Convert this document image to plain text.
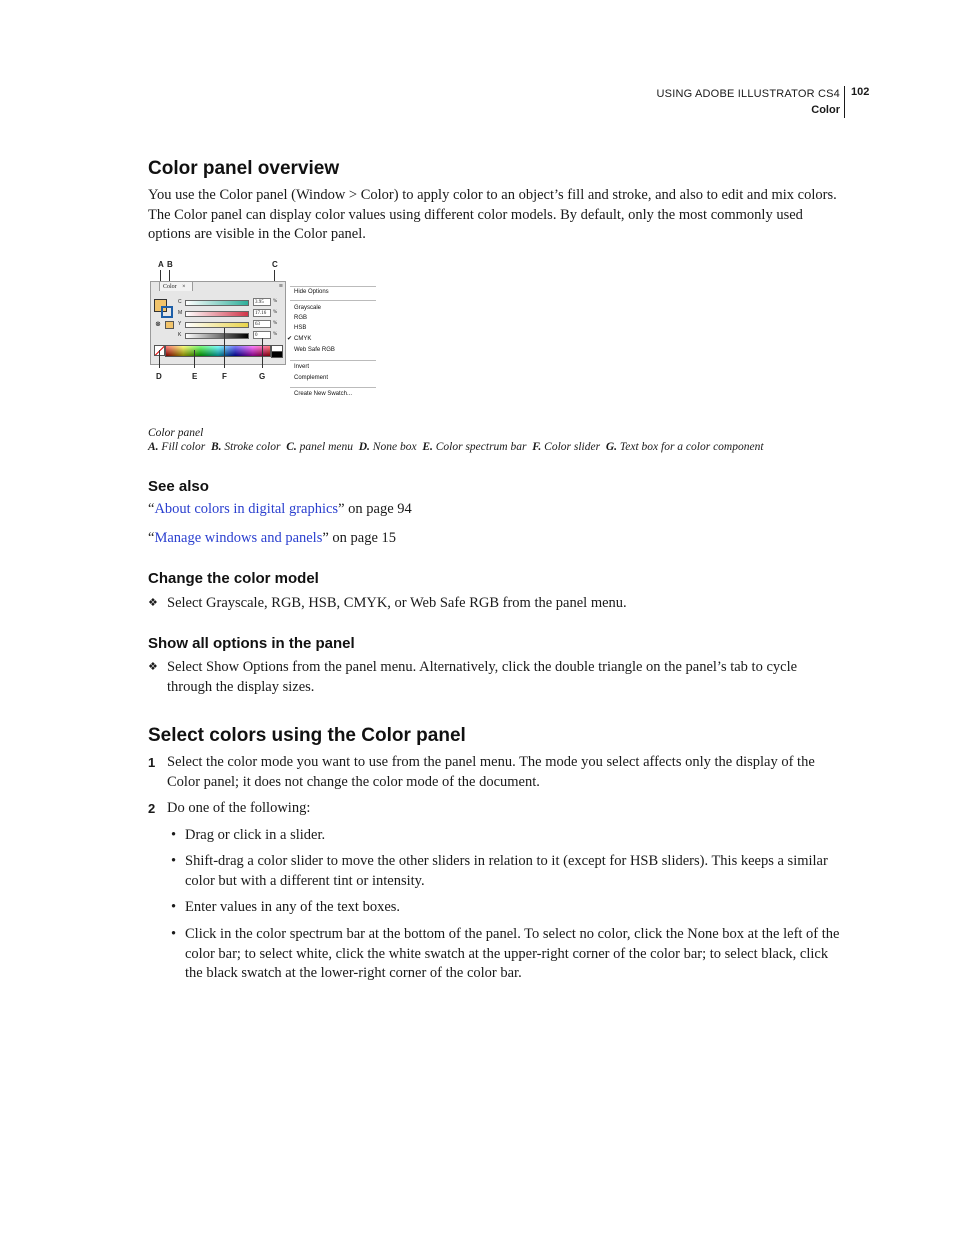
USING ADOBE ILLUSTRATOR CS4
Color
102
Color panel overview

You use the Color panel (Window > Color) to apply color to an object’s fill and stroke, and also to edit and mix colors. The Color panel can display color values using different color models. By default, only the most commonly used options are visible in the Color panel.

A B	C
Color ×	≡
⊗
C	3.95	%
M	17.16	%
Y	63	%
K	0	%
Hide Options
Grayscale
RGB
HSB
✔ CMYK
Web Safe RGB
Invert
Complement
Create New Swatch...
D	E	F	G
Color panel
A. Fill color B. Stroke color C. panel menu D. None box E. Color spectrum bar F. Color slider G. Text box for a color component
See also

“About colors in digital graphics” on page 94

“Manage windows and panels” on page 15

Change the color model
❖ Select Grayscale, RGB, HSB, CMYK, or Web Safe RGB from the panel menu.
Show all options in the panel
❖ Select Show Options from the panel menu. Alternatively, click the double triangle on the panel’s tab to cycle through the display sizes.
Select colors using the Color panel
1 Select the color mode you want to use from the panel menu. The mode you select affects only the display of the Color panel; it does not change the color mode of the document.
2 Do one of the following:
• Drag or click in a slider.
• Shift-drag a color slider to move the other sliders in relation to it (except for HSB sliders). This keeps a similar color but with a different tint or intensity.
• Enter values in any of the text boxes.
• Click in the color spectrum bar at the bottom of the panel. To select no color, click the None box at the left of the color bar; to select white, click the white swatch at the upper-right corner of the color bar; to select black, click the black swatch at the lower-right corner of the color bar.
